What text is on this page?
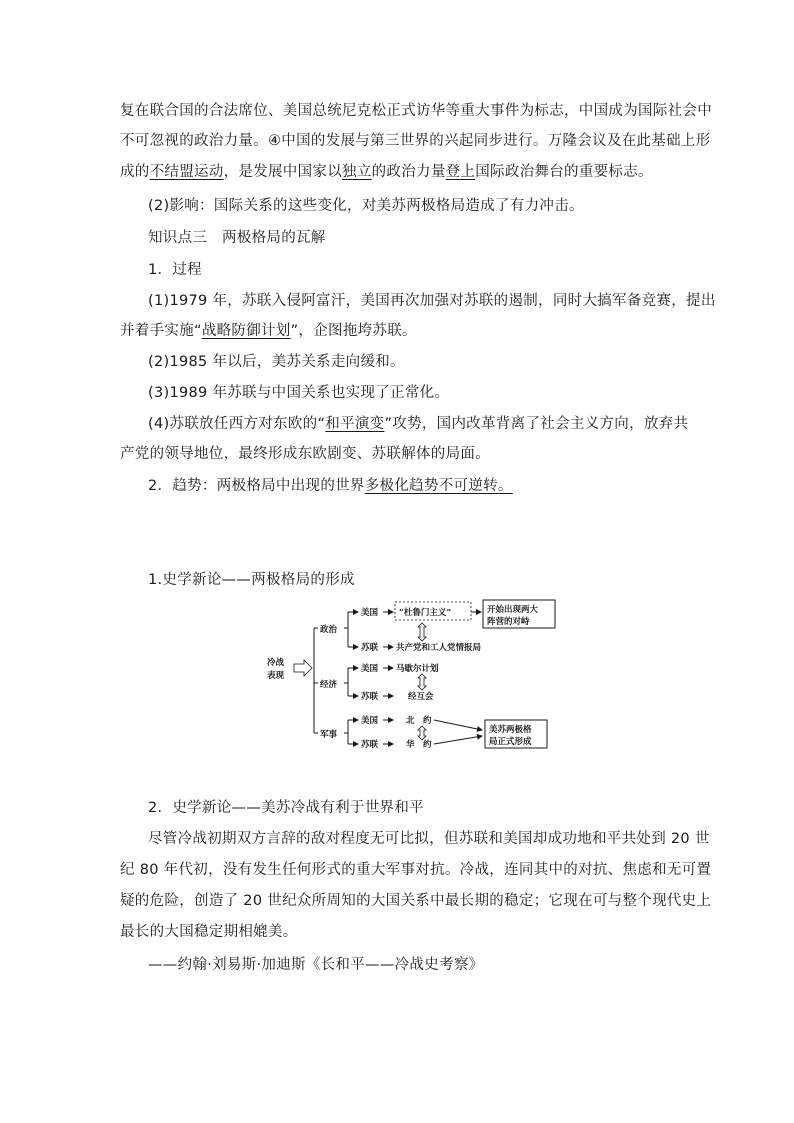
复在联合国的合法席位、美国总统尼克松正式访华等重大事件为标志，中国成为国际社会中
不可忽视的政治力量。④中国的发展与第三世界的兴起同步进行。万隆会议及在此基础上形
成的不结盟运动，是发展中国家以独立的政治力量登上国际政治舞台的重要标志。
(2)影响：国际关系的这些变化，对美苏两极格局造成了有力冲击。
知识点三　两极格局的瓦解
1．过程
(1)1979 年，苏联入侵阿富汗，美国再次加强对苏联的遏制，同时大搞军备竞赛，提出
并着手实施“战略防御计划”，企图拖垮苏联。
(2)1985 年以后，美苏关系走向缓和。
(3)1989 年苏联与中国关系也实现了正常化。
(4)苏联放任西方对东欧的“和平演变”攻势，国内改革背离了社会主义方向，放弃共
产党的领导地位，最终形成东欧剧变、苏联解体的局面。
2．趋势：两极格局中出现的世界多极化趋势不可逆转。
1.史学新论——两极格局的形成
冷战
表现
政治
经济
军事
美国
苏联
“杜鲁门主义”	开始出现两大
阵营的对峙
共产党和工人党情报局
美国
苏联
马歇尔计划
经互会
美国
苏联
北　约
华　约
美苏两极格
局正式形成
2．史学新论——美苏冷战有利于世界和平
尽管冷战初期双方言辞的敌对程度无可比拟，但苏联和美国却成功地和平共处到 20 世
纪 80 年代初，没有发生任何形式的重大军事对抗。冷战，连同其中的对抗、焦虑和无可置
疑的危险，创造了 20 世纪众所周知的大国关系中最长期的稳定；它现在可与整个现代史上
最长的大国稳定期相媲美。
——约翰·刘易斯·加迪斯《长和平——冷战史考察》
